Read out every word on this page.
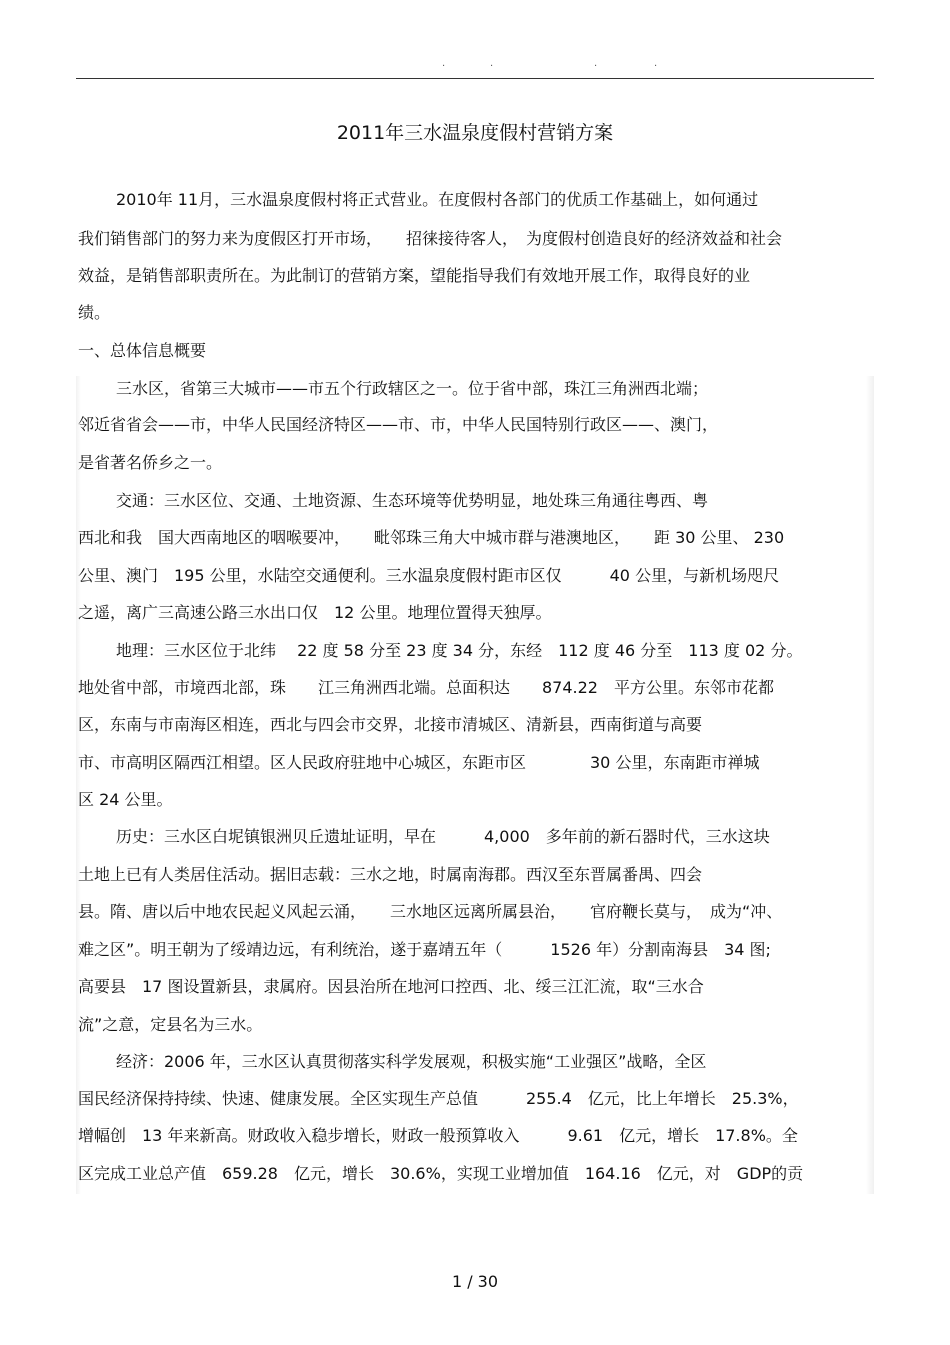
.	.	.	.
2011年三水温泉度假村营销方案
2010年 11月，三水温泉度假村将正式营业。在度假村各部门的优质工作基础上，如何通过
我们销售部门的努力来为度假区打开市场，　　招徕接待客人，　为度假村创造良好的经济效益和社会
效益，是销售部职责所在。为此制订的营销方案，望能指导我们有效地开展工作，取得良好的业
绩。
一、总体信息概要
三水区，省第三大城市——市五个行政辖区之一。位于省中部，珠江三角洲西北端；
邻近省省会——市，中华人民国经济特区——市、市，中华人民国特别行政区——、澳门，
是省著名侨乡之一。
交通：三水区位、交通、土地资源、生态环境等优势明显，地处珠三角通往粤西、粤
西北和我　国大西南地区的咽喉要冲，　　毗邻珠三角大中城市群与港澳地区，　　距 30 公里、 230
公里、澳门　195 公里，水陆空交通便利。三水温泉度假村距市区仅　　　40 公里，与新机场咫尺
之遥，离广三高速公路三水出口仅　12 公里。地理位置得天独厚。
地理：三水区位于北纬　 22 度 58 分至 23 度 34 分，东经　112 度 46 分至　113 度 02 分。
地处省中部，市境西北部，珠　　江三角洲西北端。总面积达　　874.22　平方公里。东邻市花都
区，东南与市南海区相连，西北与四会市交界，北接市清城区、清新县，西南街道与高要
市、市高明区隔西江相望。区人民政府驻地中心城区，东距市区　　　　30 公里，东南距市禅城
区 24 公里。
历史：三水区白坭镇银洲贝丘遗址证明，早在　　　4,000　多年前的新石器时代，三水这块
土地上已有人类居住活动。据旧志载：三水之地，时属南海郡。西汉至东晋属番禺、四会
县。隋、唐以后中地农民起义风起云涌，　　三水地区远离所属县治，　　官府鞭长莫与，　成为“冲、
难之区”。明王朝为了绥靖边远，有利统治，遂于嘉靖五年（　　　1526 年）分割南海县　34 图;
高要县　17 图设置新县，隶属府。因县治所在地河口控西、北、绥三江汇流，取“三水合
流”之意，定县名为三水。
经济：2006 年，三水区认真贯彻落实科学发展观，积极实施“工业强区”战略，全区
国民经济保持持续、快速、健康发展。全区实现生产总值　　　255.4　亿元，比上年增长　25.3%，
增幅创　13 年来新高。财政收入稳步增长，财政一般预算收入　　　9.61　亿元，增长　17.8%。全
区完成工业总产值　659.28　亿元，增长　30.6%，实现工业增加值　164.16　亿元，对　GDP的贡
1 / 30
